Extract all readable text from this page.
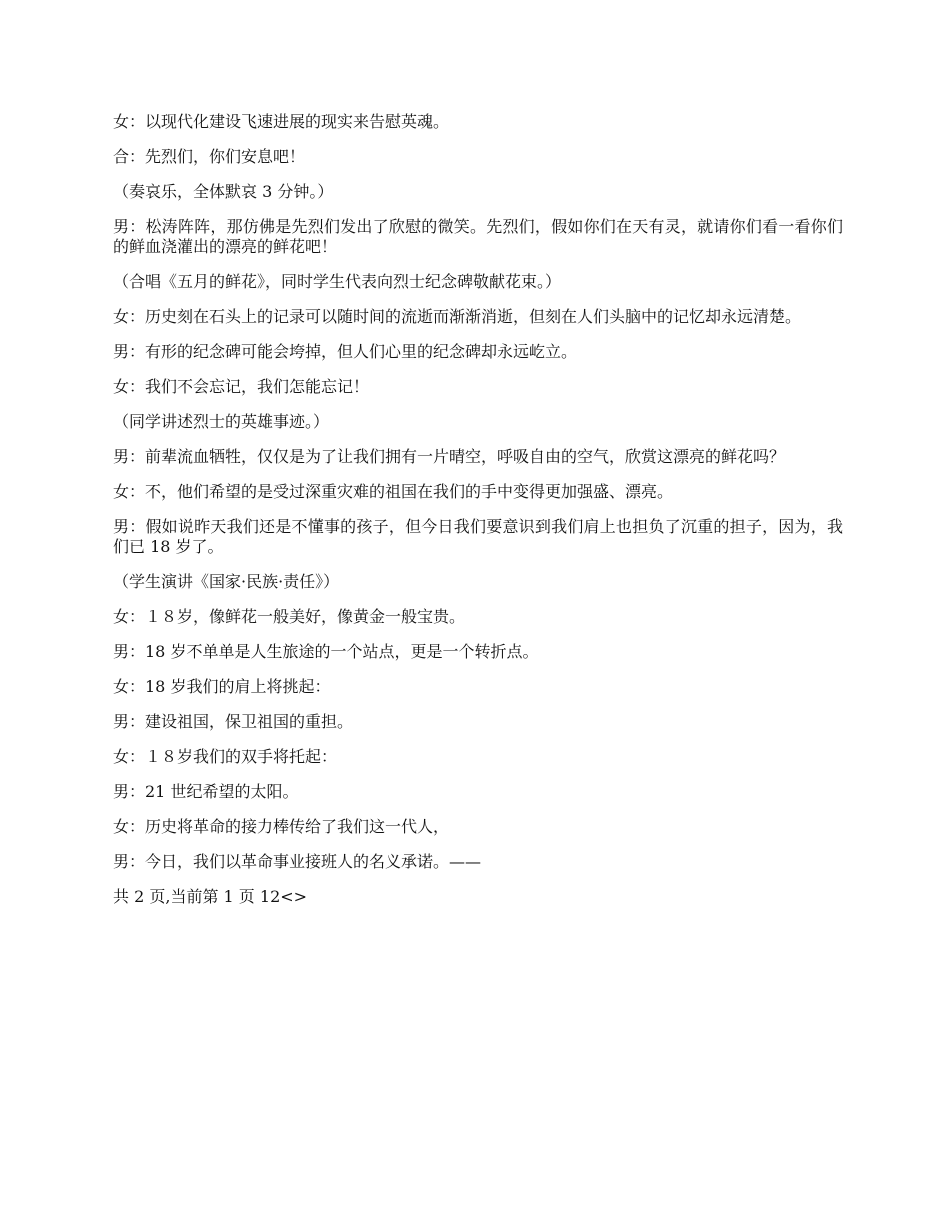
女：以现代化建设飞速进展的现实来告慰英魂。

合：先烈们，你们安息吧！

（奏哀乐，全体默哀 3 分钟。）

男：松涛阵阵，那仿佛是先烈们发出了欣慰的微笑。先烈们，假如你们在天有灵，就请你们看一看你们的鲜血浇灌出的漂亮的鲜花吧！

（合唱《五月的鲜花》，同时学生代表向烈士纪念碑敬献花束。）

女：历史刻在石头上的记录可以随时间的流逝而渐渐消逝，但刻在人们头脑中的记忆却永远清楚。

男：有形的纪念碑可能会垮掉，但人们心里的纪念碑却永远屹立。

女：我们不会忘记，我们怎能忘记！

（同学讲述烈士的英雄事迹。）

男：前辈流血牺牲，仅仅是为了让我们拥有一片晴空，呼吸自由的空气，欣赏这漂亮的鲜花吗？

女：不，他们希望的是受过深重灾难的祖国在我们的手中变得更加强盛、漂亮。

男：假如说昨天我们还是不懂事的孩子，但今日我们要意识到我们肩上也担负了沉重的担子，因为，我们已 18 岁了。

（学生演讲《国家·民族·责任》）

女：１８岁，像鲜花一般美好，像黄金一般宝贵。

男：18 岁不单单是人生旅途的一个站点，更是一个转折点。

女：18 岁我们的肩上将挑起：

男：建设祖国，保卫祖国的重担。

女：１８岁我们的双手将托起：

男：21 世纪希望的太阳。

女：历史将革命的接力棒传给了我们这一代人，

男：今日，我们以革命事业接班人的名义承诺。——

共 2 页,当前第 1 页 12<>
